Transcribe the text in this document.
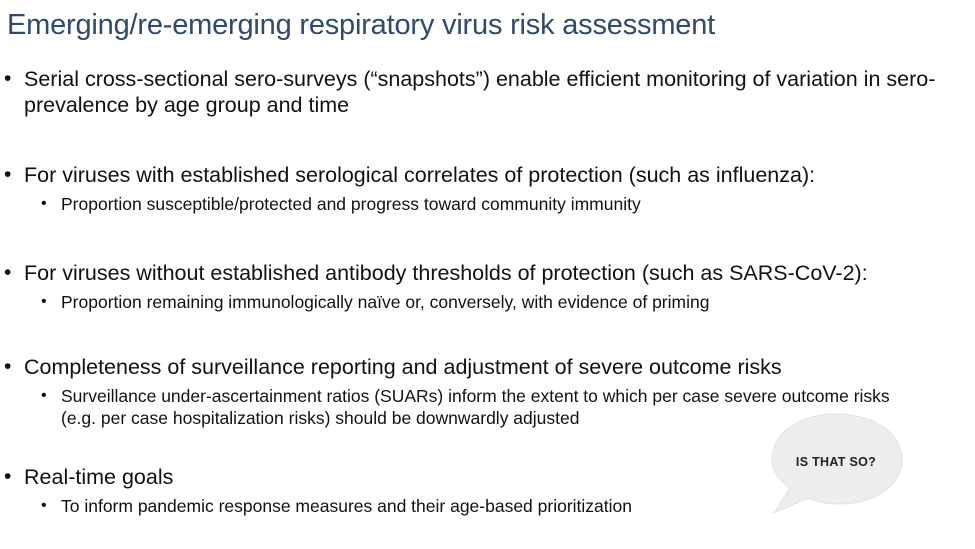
Emerging/re-emerging respiratory virus risk assessment
• Serial cross-sectional sero-surveys (“snapshots”) enable efficient monitoring of variation in sero-prevalence by age group and time
• For viruses with established serological correlates of protection (such as influenza):
• Proportion susceptible/protected and progress toward community immunity
• For viruses without established antibody thresholds of protection (such as SARS-CoV-2):
• Proportion remaining immunologically naïve or, conversely, with evidence of priming
• Completeness of surveillance reporting and adjustment of severe outcome risks
• Surveillance under-ascertainment ratios (SUARs) inform the extent to which per case severe outcome risks (e.g. per case hospitalization risks) should be downwardly adjusted
• Real-time goals
• To inform pandemic response measures and their age-based prioritization
IS THAT SO?
